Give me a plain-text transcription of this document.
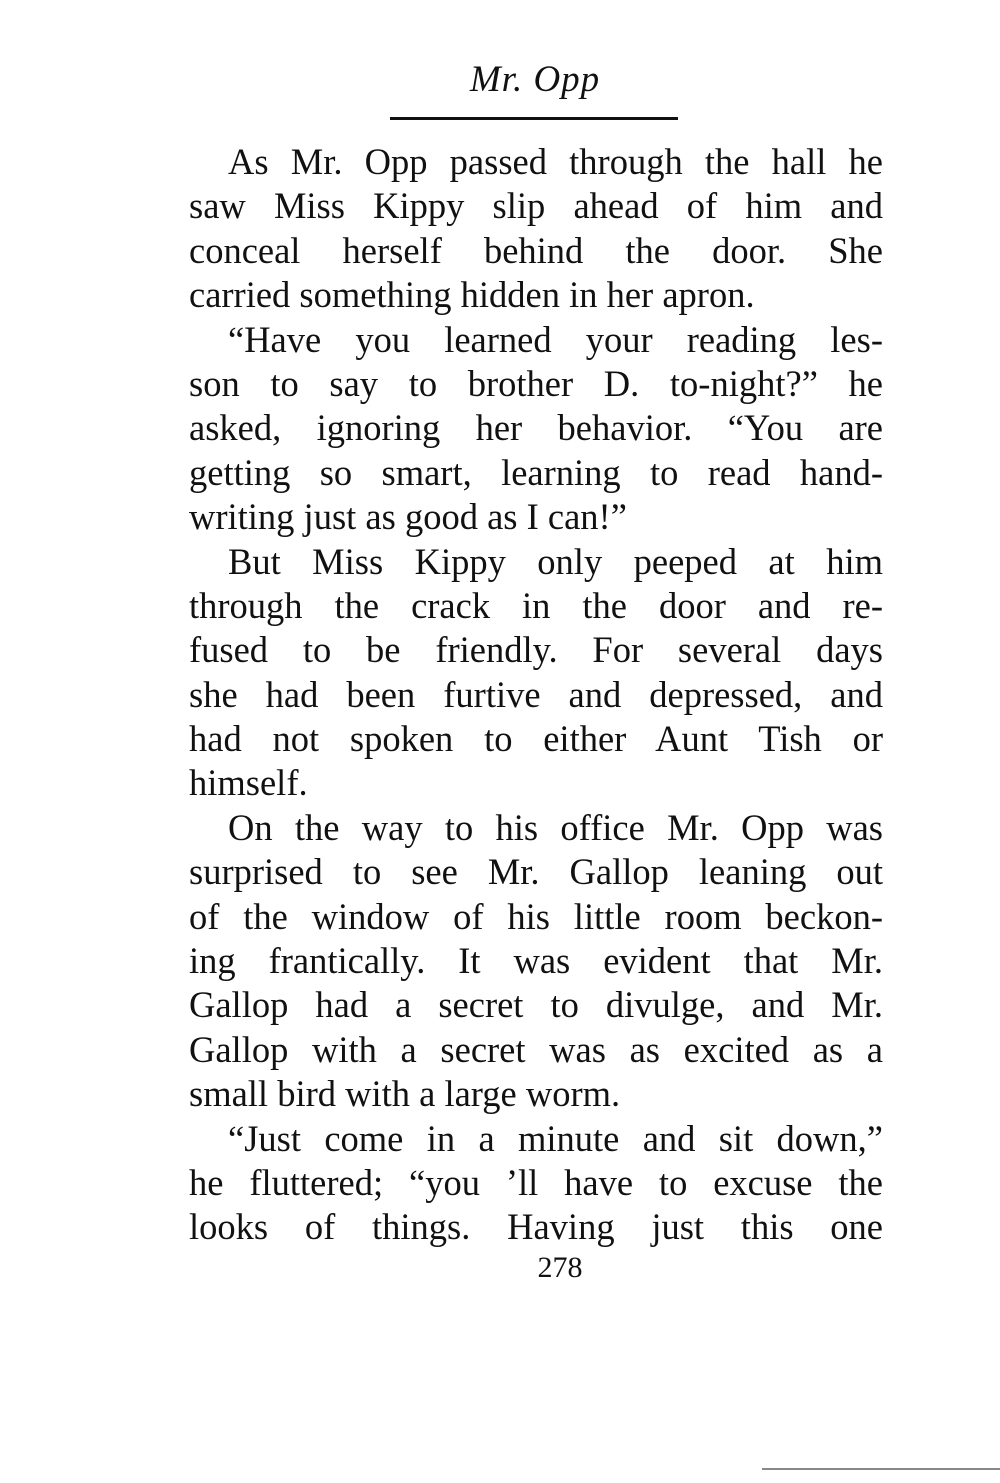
Mr. Opp
As Mr. Opp passed through the hall he
saw Miss Kippy slip ahead of him and
conceal herself behind the door. She
carried something hidden in her apron.
“Have you learned your reading les-
son to say to brother D. to-night?” he
asked, ignoring her behavior. “You are
getting so smart, learning to read hand-
writing just as good as I can!”
But Miss Kippy only peeped at him
through the crack in the door and re-
fused to be friendly. For several days
she had been furtive and depressed, and
had not spoken to either Aunt Tish or
himself.
On the way to his office Mr. Opp was
surprised to see Mr. Gallop leaning out
of the window of his little room beckon-
ing frantically. It was evident that Mr.
Gallop had a secret to divulge, and Mr.
Gallop with a secret was as excited as a
small bird with a large worm.
“Just come in a minute and sit down,”
he fluttered; “you ’ll have to excuse the
looks of things. Having just this one
278
